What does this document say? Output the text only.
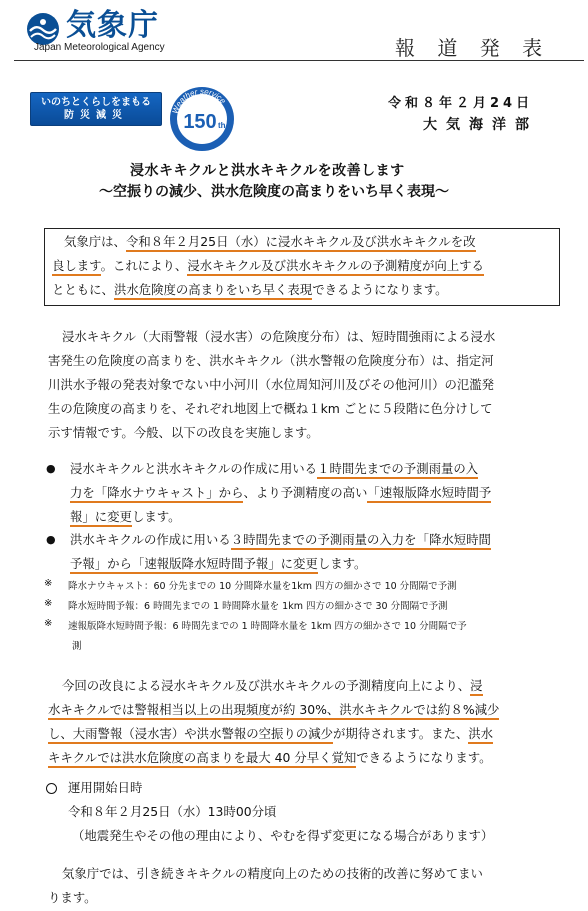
気象庁
Japan Meteorological Agency	報 道 発 表
いのちとくらしをまもる
防災減災
Weather service
150 th
令和８年２月24日
大気海洋部
浸水キキクルと洪水キキクルを改善します
～空振りの減少、洪水危険度の高まりをいち早く表現～
気象庁は、令和８年２月25日（水）に浸水キキクル及び洪水キキクルを改
良します。これにより、浸水キキクル及び洪水キキクルの予測精度が向上する
とともに、洪水危険度の高まりをいち早く表現できるようになります。
浸水キキクル（大雨警報（浸水害）の危険度分布）は、短時間強雨による浸水
害発生の危険度の高まりを、洪水キキクル（洪水警報の危険度分布）は、指定河
川洪水予報の発表対象でない中小河川（水位周知河川及びその他河川）の氾濫発
生の危険度の高まりを、それぞれ地図上で概ね１km ごとに５段階に色分けして
示す情報です。今般、以下の改良を実施します。
● 浸水キキクルと洪水キキクルの作成に用いる１時間先までの予測雨量の入
力を「降水ナウキャスト」から、より予測精度の高い「速報版降水短時間予
報」に変更します。
● 洪水キキクルの作成に用いる３時間先までの予測雨量の入力を「降水短時間
予報」から「速報版降水短時間予報」に変更します。
※ 降水ナウキャスト：60 分先までの 10 分間降水量を1km 四方の細かさで 10 分間隔で予測
※ 降水短時間予報：6 時間先までの 1 時間降水量を 1km 四方の細かさで 30 分間隔で予測
※ 速報版降水短時間予報：6 時間先までの 1 時間降水量を 1km 四方の細かさで 10 分間隔で予
測
今回の改良による浸水キキクル及び洪水キキクルの予測精度向上により、浸
水キキクルでは警報相当以上の出現頻度が約 30%、洪水キキクルでは約８%減少
し、大雨警報（浸水害）や洪水警報の空振りの減少が期待されます。また、洪水
キキクルでは洪水危険度の高まりを最大 40 分早く覚知できるようになります。
運用開始日時
令和８年２月25日（水）13時00分頃
（地震発生やその他の理由により、やむを得ず変更になる場合があります）
気象庁では、引き続きキキクルの精度向上のための技術的改善に努めてまい
ります。
